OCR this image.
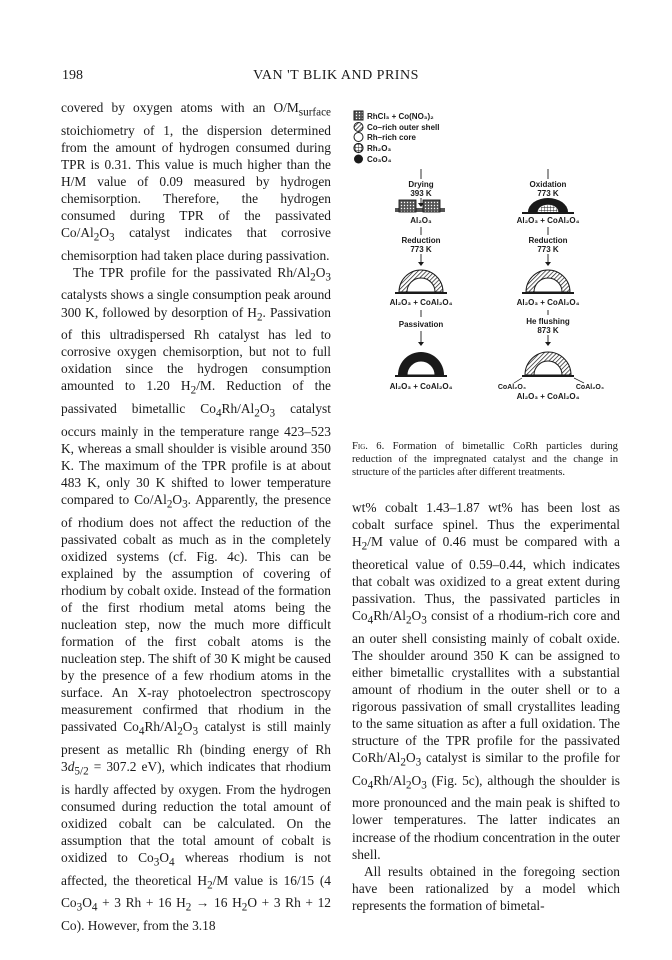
198	VAN 'T BLIK AND PRINS

covered by oxygen atoms with an $O/M_{surface}$ stoichiometry of 1, the dispersion determined from the amount of hydrogen consumed during TPR is 0.31. This value is much higher than the H/M value of 0.09 measured by hydrogen chemisorption. Therefore, the hydrogen consumed during TPR of the passivated $Co/Al_2O_3$ catalyst indicates that corrosive chemisorption had taken place during passivation.

The TPR profile for the passivated $Rh/Al_2O_3$ catalysts shows a single consumption peak around 300 K, followed by desorption of $H_2$. Passivation of this ultradispersed Rh catalyst has led to corrosive oxygen chemisorption, but not to full oxidation since the hydrogen consumption amounted to 1.20 $H_2/M$. Reduction of the passivated bimetallic $Co_4Rh/Al_2O_3$ catalyst occurs mainly in the temperature range 423–523 K, whereas a small shoulder is visible around 350 K. The maximum of the TPR profile is at about 483 K, only 30 K shifted to lower temperature compared to $Co/Al_2O_3$. Apparently, the presence of rhodium does not affect the reduction of the passivated cobalt as much as in the completely oxidized systems (cf. Fig. 4c). This can be explained by the assumption of covering of rhodium by cobalt oxide. Instead of the formation of the first rhodium metal atoms being the nucleation step, now the much more difficult formation of the first cobalt atoms is the nucleation step. The shift of 30 K might be caused by the presence of a few rhodium atoms in the surface. An X-ray photoelectron spectroscopy measurement confirmed that rhodium in the passivated $Co_4Rh/Al_2O_3$ catalyst is still mainly present as metallic Rh (binding energy of Rh $3d_{5/2} = 307.2$ eV), which indicates that rhodium is hardly affected by oxygen. From the hydrogen consumed during reduction the total amount of oxidized cobalt can be calculated. On the assumption that the total amount of cobalt is oxidized to $Co_3O_4$ whereas rhodium is not affected, the theoretical $H_2/M$ value is 16/15 (4 $Co_3O_4 + 3$ Rh + 16 $H_2 \to 16$ $H_2O + 3$ Rh + 12 Co). However, from the 3.18

RhCl₃ + Co(NO₃)₂
Co–rich outer shell
Rh–rich core
Rh₂O₃
Co₃O₄
Drying
393 K
Al₂O₃
Reduction
773 K
Al₂O₃ + CoAl₂O₄
Passivation
Al₂O₃ + CoAl₂O₄
Oxidation
773 K
Al₂O₃ + CoAl₂O₄
Reduction
773 K
Al₂O₃ + CoAl₂O₄
He flushing
873 K
CoAl₂O₄	CoAl₂O₄
Al₂O₃ + CoAl₂O₄
Fig. 6. Formation of bimetallic CoRh particles during reduction of the impregnated catalyst and the change in structure of the particles after different treatments.

wt% cobalt 1.43–1.87 wt% has been lost as cobalt surface spinel. Thus the experimental $H_2/M$ value of 0.46 must be compared with a theoretical value of 0.59–0.44, which indicates that cobalt was oxidized to a great extent during passivation. Thus, the passivated particles in $Co_4Rh/Al_2O_3$ consist of a rhodium-rich core and an outer shell consisting mainly of cobalt oxide. The shoulder around 350 K can be assigned to either bimetallic crystallites with a substantial amount of rhodium in the outer shell or to a rigorous passivation of small crystallites leading to the same situation as after a full oxidation. The structure of the TPR profile for the passivated CoRh/$Al_2O_3$ catalyst is similar to the profile for $Co_4Rh/Al_2O_3$ (Fig. 5c), although the shoulder is more pronounced and the main peak is shifted to lower temperatures. The latter indicates an increase of the rhodium concentration in the outer shell.

All results obtained in the foregoing section have been rationalized by a model which represents the formation of bimetal-
